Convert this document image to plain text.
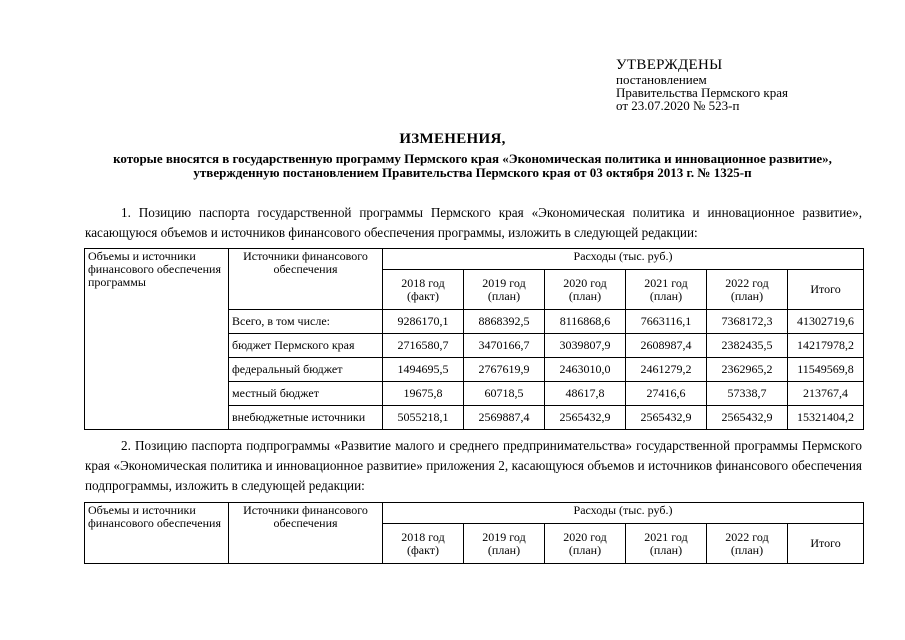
УТВЕРЖДЕНЫ
постановлением
Правительства Пермского края
от 23.07.2020 № 523-п
ИЗМЕНЕНИЯ,
которые вносятся в государственную программу Пермского края «Экономическая политика и инновационное развитие», утвержденную постановлением Правительства Пермского края от 03 октября 2013 г. № 1325-п
1. Позицию паспорта государственной программы Пермского края «Экономическая политика и инновационное развитие», касающуюся объемов и источников финансового обеспечения программы, изложить в следующей редакции:
Объемы и источники финансового обеспечения программы	Источники финансового обеспечения	Расходы (тыс. руб.)					
		2018 год (факт)	2019 год (план)	2020 год (план)	2021 год (план)	2022 год (план)	Итого
	Всего, в том числе:	9286170,1	8868392,5	8116868,6	7663116,1	7368172,3	41302719,6
	бюджет Пермского края	2716580,7	3470166,7	3039807,9	2608987,4	2382435,5	14217978,2
	федеральный бюджет	1494695,5	2767619,9	2463010,0	2461279,2	2362965,2	11549569,8
	местный бюджет	19675,8	60718,5	48617,8	27416,6	57338,7	213767,4
	внебюджетные источники	5055218,1	2569887,4	2565432,9	2565432,9	2565432,9	15321404,2
2. Позицию паспорта подпрограммы «Развитие малого и среднего предпринимательства» государственной программы Пермского края «Экономическая политика и инновационное развитие» приложения 2, касающуюся объемов и источников финансового обеспечения подпрограммы, изложить в следующей редакции:
Объемы и источники финансового обеспечения	Источники финансового обеспечения	Расходы (тыс. руб.)					
		2018 год (факт)	2019 год (план)	2020 год (план)	2021 год (план)	2022 год (план)	Итого
